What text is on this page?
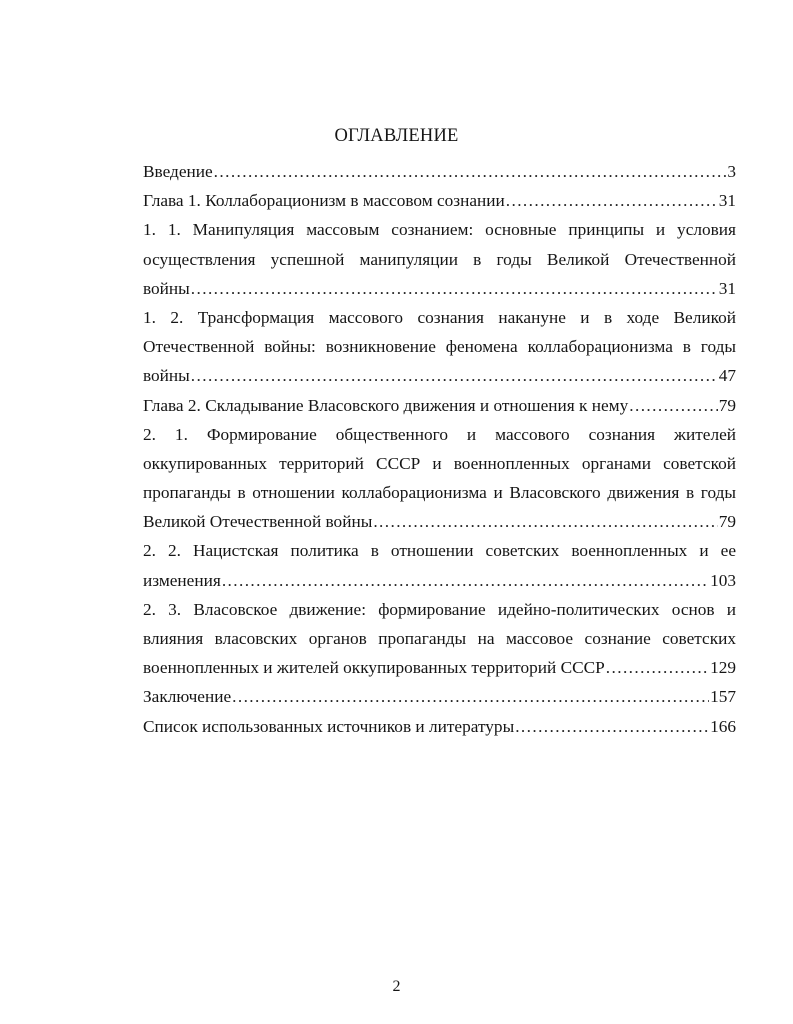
ОГЛАВЛЕНИЕ
Введение .....	3
Глава 1. Коллаборационизм в массовом сознании .....	31
1. 1. Манипуляция массовым сознанием: основные принципы и условия
осуществления успешной манипуляции в годы Великой Отечественной
войны .....	31
1. 2. Трансформация массового сознания накануне и в ходе Великой
Отечественной войны: возникновение феномена коллаборационизма в годы
войны .....	47
Глава 2. Складывание Власовского движения и отношения к нему .....	79
2. 1. Формирование общественного и массового сознания жителей
оккупированных территорий СССР и военнопленных органами советской
пропаганды в отношении коллаборационизма и Власовского движения в годы
Великой Отечественной войны .....	79
2. 2. Нацистская политика в отношении советских военнопленных и ее
изменения .....	103
2. 3. Власовское движение: формирование идейно-политических основ и
влияния власовских органов пропаганды на массовое сознание советских
военнопленных и жителей оккупированных территорий СССР .....	129
Заключение .....	157
Список использованных источников и литературы .....	166
2
